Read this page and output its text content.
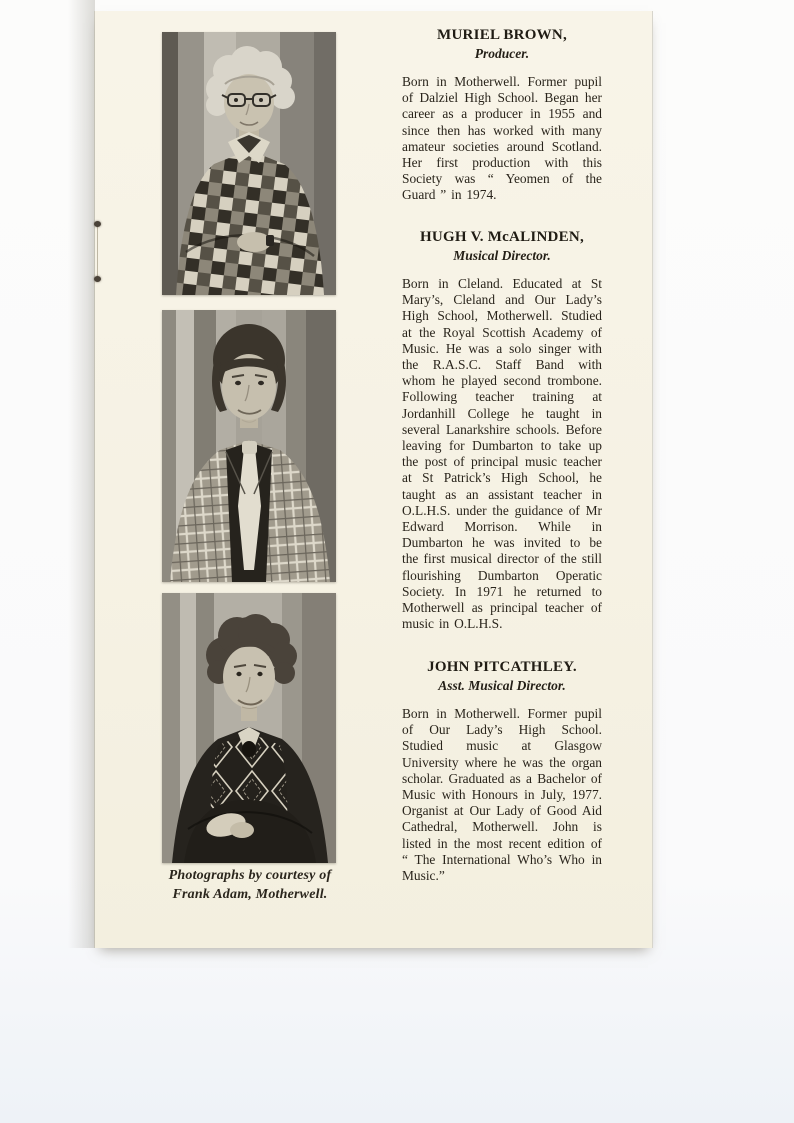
Photographs by courtesy of
Frank Adam, Motherwell.
MURIEL BROWN,
Producer.

Born in Motherwell. Former pupil of Dalziel High School. Began her career as a producer in 1955 and since then has worked with many amateur societies around Scotland. Her first production with this Society was “ Yeomen of the Guard ” in 1974.

HUGH V. McALINDEN,
Musical Director.

Born in Cleland. Educated at St Mary’s, Cleland and Our Lady’s High School, Motherwell. Studied at the Royal Scottish Academy of Music. He was a solo singer with the R.A.S.C. Staff Band with whom he played second trombone. Following teacher training at Jordanhill College he taught in several Lanarkshire schools. Before leaving for Dumbarton to take up the post of principal music teacher at St Patrick’s High School, he taught as an assistant teacher in O.L.H.S. under the guidance of Mr Edward Morrison. While in Dumbarton he was invited to be the first musical director of the still flourishing Dumbarton Operatic Society. In 1971 he returned to Motherwell as principal teacher of music in O.L.H.S.

JOHN PITCATHLEY.
Asst. Musical Director.

Born in Motherwell. Former pupil of Our Lady’s High School. Studied music at Glasgow University where he was the organ scholar. Graduated as a Bachelor of Music with Honours in July, 1977. Organist at Our Lady of Good Aid Cathedral, Motherwell. John is listed in the most recent edition of “ The International Who’s Who in Music.”
